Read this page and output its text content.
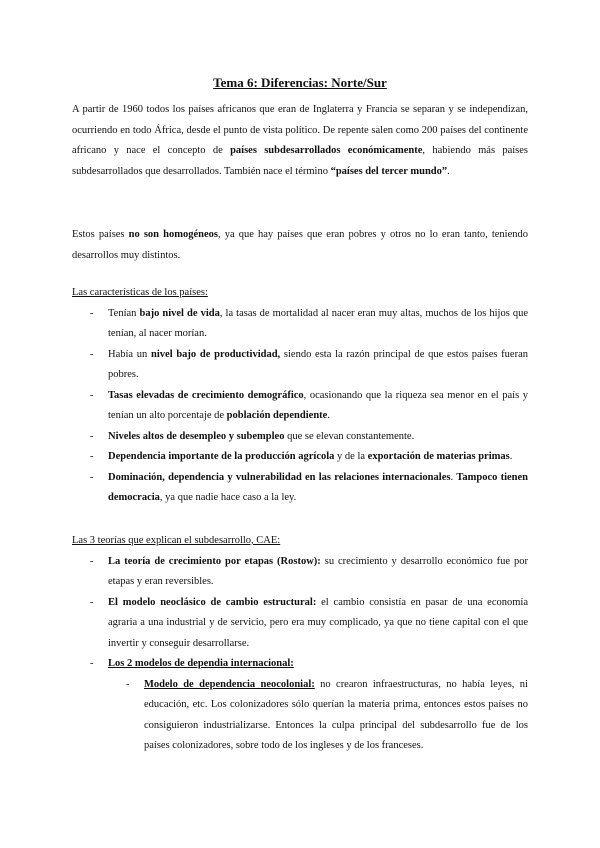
Tema 6: Diferencias: Norte/Sur

A partir de 1960 todos los países africanos que eran de Inglaterra y Francia se separan y se independizan, ocurriendo en todo África, desde el punto de vista político. De repente salen como 200 países del continente africano y nace el concepto de países subdesarrollados económicamente, habiendo más países subdesarrollados que desarrollados. También nace el término “países del tercer mundo”.

Estos países no son homogéneos, ya que hay países que eran pobres y otros no lo eran tanto, teniendo desarrollos muy distintos.

Las características de los países:
- Tenían bajo nivel de vida, la tasas de mortalidad al nacer eran muy altas, muchos de los hijos que tenían, al nacer morían.
- Había un nivel bajo de productividad, siendo esta la razón principal de que estos países fueran pobres.
- Tasas elevadas de crecimiento demográfico, ocasionando que la riqueza sea menor en el país y tenían un alto porcentaje de población dependiente.
- Niveles altos de desempleo y subempleo que se elevan constantemente.
- Dependencia importante de la producción agrícola y de la exportación de materias primas.
- Dominación, dependencia y vulnerabilidad en las relaciones internacionales. Tampoco tienen democracia, ya que nadie hace caso a la ley.
Las 3 teorías que explican el subdesarrollo, CAE:
- La teoría de crecimiento por etapas (Rostow): su crecimiento y desarrollo económico fue por etapas y eran reversibles.
- El modelo neoclásico de cambio estructural: el cambio consistía en pasar de una economía agraria a una industrial y de servicio, pero era muy complicado, ya que no tiene capital con el que invertir y conseguir desarrollarse.
- Los 2 modelos de dependia internacional:
- Modelo de dependencia neocolonial: no crearon infraestructuras, no había leyes, ni educación, etc. Los colonizadores sólo querían la materia prima, entonces estos países no consiguieron industrializarse. Entonces la culpa principal del subdesarrollo fue de los países colonizadores, sobre todo de los ingleses y de los franceses.
